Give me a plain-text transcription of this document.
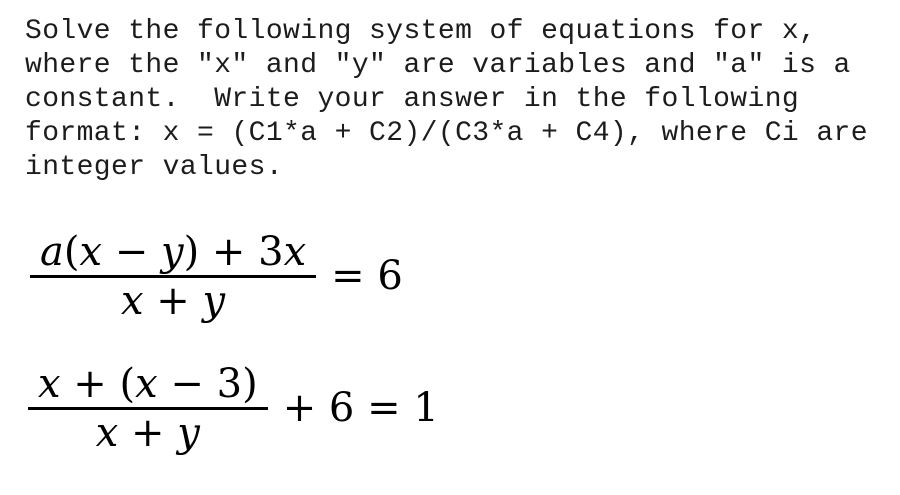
Solve the following system of equations for x,
where the "x" and "y" are variables and "a" is a
constant.  Write your answer in the following
format: x = (C1*a + C2)/(C3*a + C4), where Ci are
integer values.
$\frac{a(x - y) + 3x}{x + y} = 6$
$\frac{x + (x - 3)}{x + y} + 6 = 1$
